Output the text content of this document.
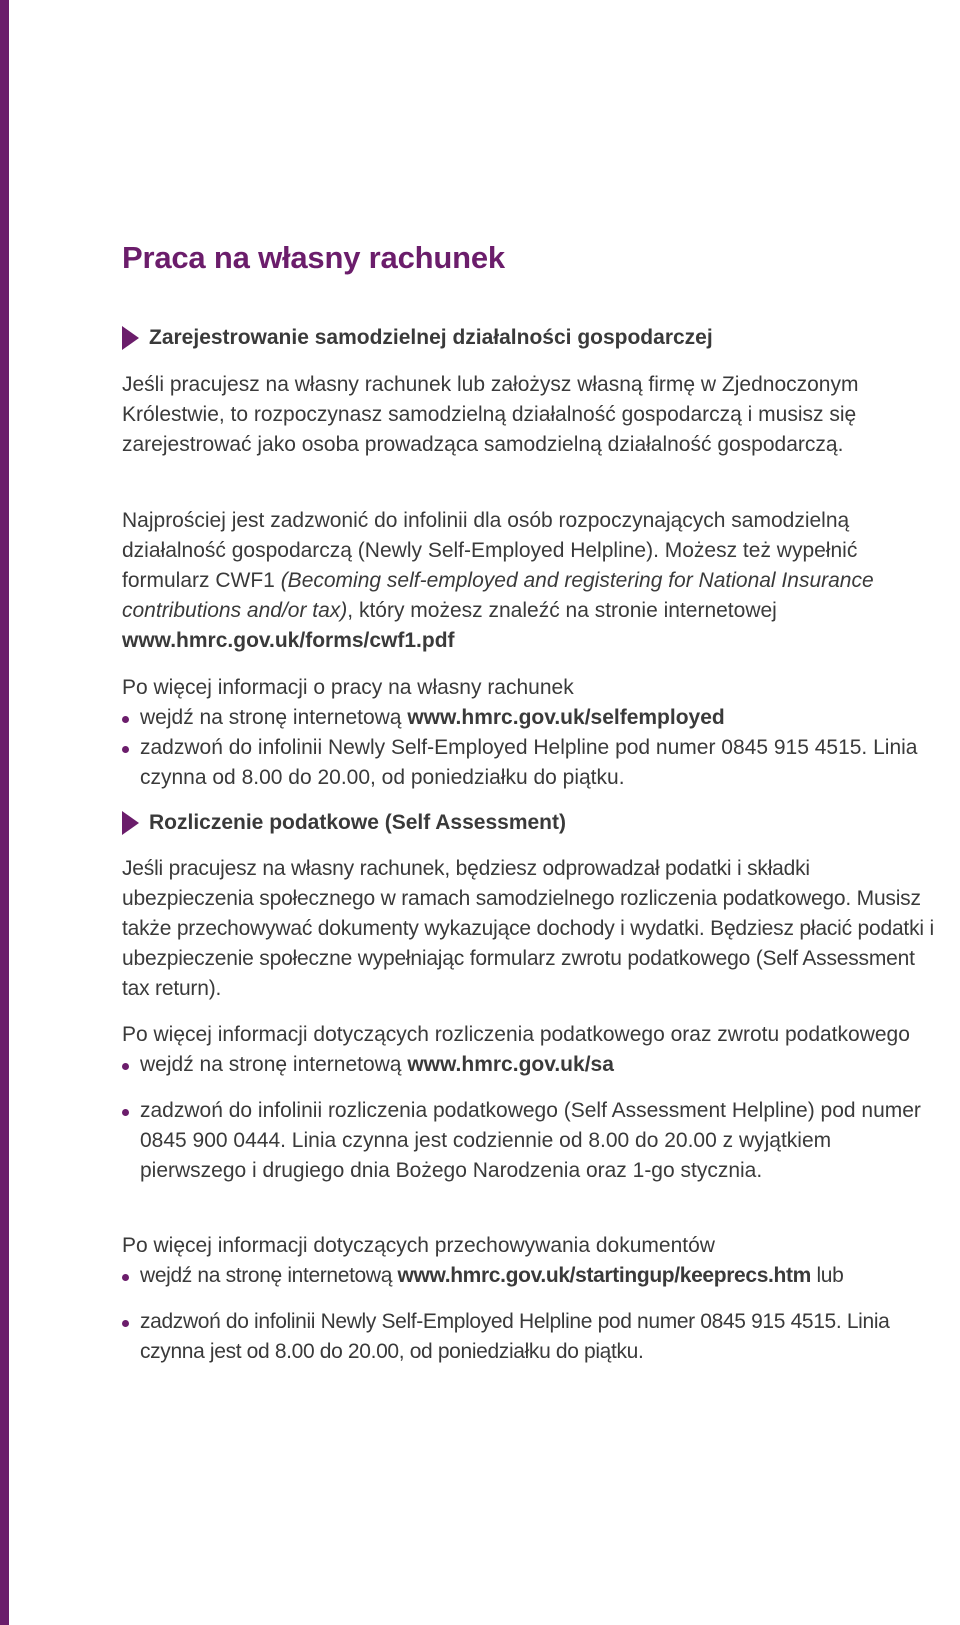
Praca na własny rachunek
Zarejestrowanie samodzielnej działalności gospodarczej

Jeśli pracujesz na własny rachunek lub założysz własną firmę w Zjednoczonym Królestwie, to rozpoczynasz samodzielną działalność gospodarczą i musisz się zarejestrować jako osoba prowadząca samodzielną działalność gospodarczą.

Najprościej jest zadzwonić do infolinii dla osób rozpoczynających samodzielną działalność gospodarczą (Newly Self-Employed Helpline). Możesz też wypełnić formularz CWF1 (Becoming self-employed and registering for National Insurance contributions and/or tax), który możesz znaleźć na stronie internetowej www.hmrc.gov.uk/forms/cwf1.pdf

Po więcej informacji o pracy na własny rachunek

wejdź na stronę internetową www.hmrc.gov.uk/selfemployed
zadzwoń do infolinii Newly Self-Employed Helpline pod numer 0845 915 4515. Linia czynna od 8.00 do 20.00, od poniedziałku do piątku.
Rozliczenie podatkowe (Self Assessment)

Jeśli pracujesz na własny rachunek, będziesz odprowadzał podatki i składki ubezpieczenia społecznego w ramach samodzielnego rozliczenia podatkowego. Musisz także przechowywać dokumenty wykazujące dochody i wydatki. Będziesz płacić podatki i ubezpieczenie społeczne wypełniając formularz zwrotu podatkowego (Self Assessment tax return).

Po więcej informacji dotyczących rozliczenia podatkowego oraz zwrotu podatkowego

wejdź na stronę internetową www.hmrc.gov.uk/sa
zadzwoń do infolinii rozliczenia podatkowego (Self Assessment Helpline) pod numer 0845 900 0444. Linia czynna jest codziennie od 8.00 do 20.00 z wyjątkiem pierwszego i drugiego dnia Bożego Narodzenia oraz 1-go stycznia.

Po więcej informacji dotyczących przechowywania dokumentów

wejdź na stronę internetową www.hmrc.gov.uk/startingup/keeprecs.htm lub
zadzwoń do infolinii Newly Self-Employed Helpline pod numer 0845 915 4515. Linia czynna jest od 8.00 do 20.00, od poniedziałku do piątku.
